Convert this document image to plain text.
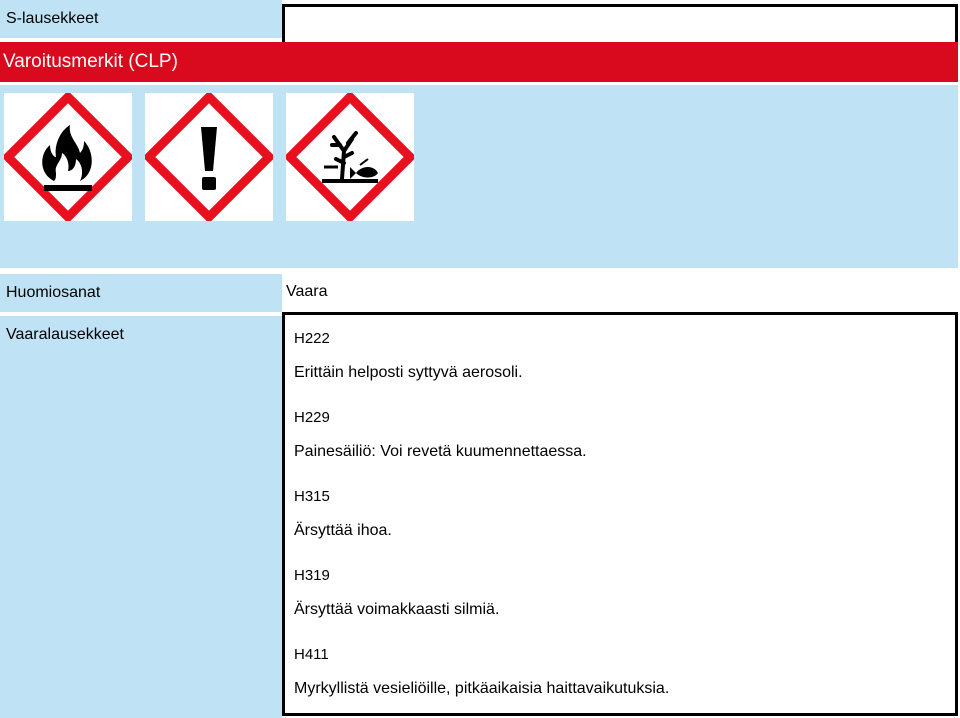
S-lausekkeet
Varoitusmerkit (CLP)
Huomiosanat	Vaara
Vaaralausekkeet	H222
Erittäin helposti syttyvä aerosoli.
H229
Painesäiliö: Voi revetä kuumennettaessa.
H315
Ärsyttää ihoa.
H319
Ärsyttää voimakkaasti silmiä.
H411
Myrkyllistä vesieliöille, pitkäaikaisia haittavaikutuksia.
